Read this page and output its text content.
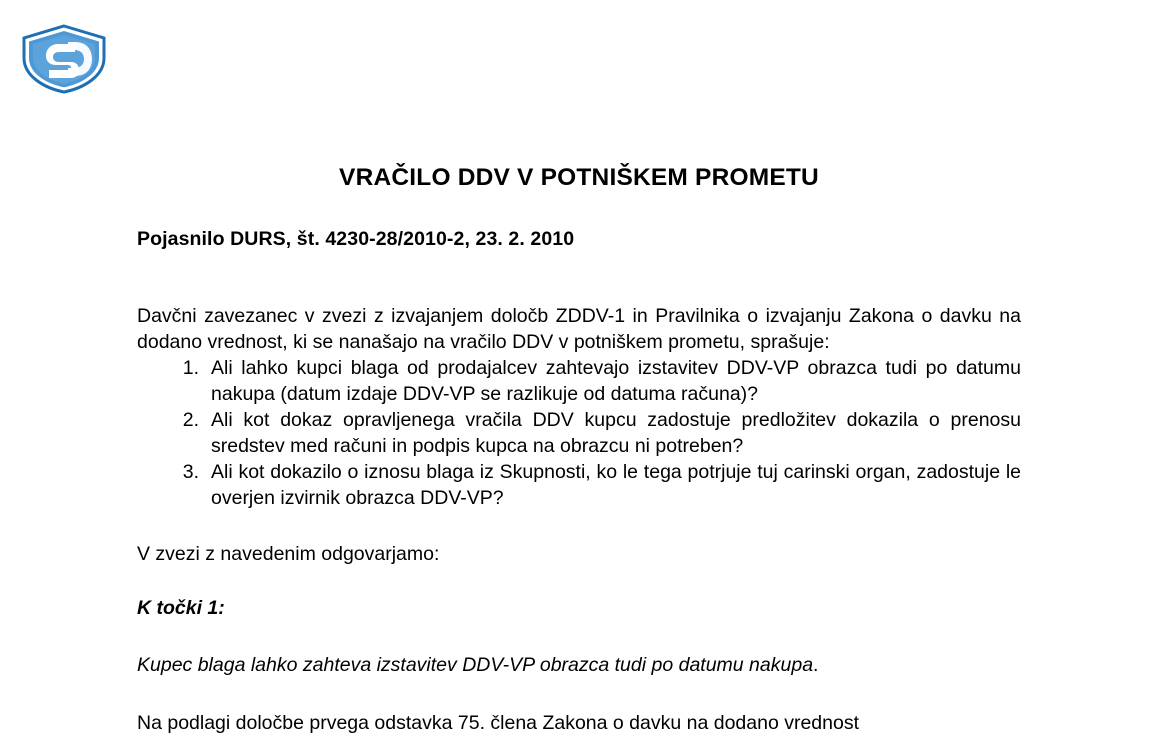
VRAČILO DDV V POTNIŠKEM PROMETU
Pojasnilo DURS, št. 4230-28/2010-2, 23. 2. 2010
Davčni zavezanec v zvezi z izvajanjem določb ZDDV-1 in Pravilnika o izvajanju Zakona o davku na dodano vrednost, ki se nanašajo na vračilo DDV v potniškem prometu, sprašuje:
1. Ali lahko kupci blaga od prodajalcev zahtevajo izstavitev DDV-VP obrazca tudi po datumu nakupa (datum izdaje DDV-VP se razlikuje od datuma računa)?
2. Ali kot dokaz opravljenega vračila DDV kupcu zadostuje predložitev dokazila o prenosu sredstev med računi in podpis kupca na obrazcu ni potreben?
3. Ali kot dokazilo o iznosu blaga iz Skupnosti, ko le tega potrjuje tuj carinski organ, zadostuje le overjen izvirnik obrazca DDV-VP?
V zvezi z navedenim odgovarjamo:
K točki 1:
Kupec blaga lahko zahteva izstavitev DDV-VP obrazca tudi po datumu nakupa.
Na podlagi določbe prvega odstavka 75. člena Zakona o davku na dodano vrednost
